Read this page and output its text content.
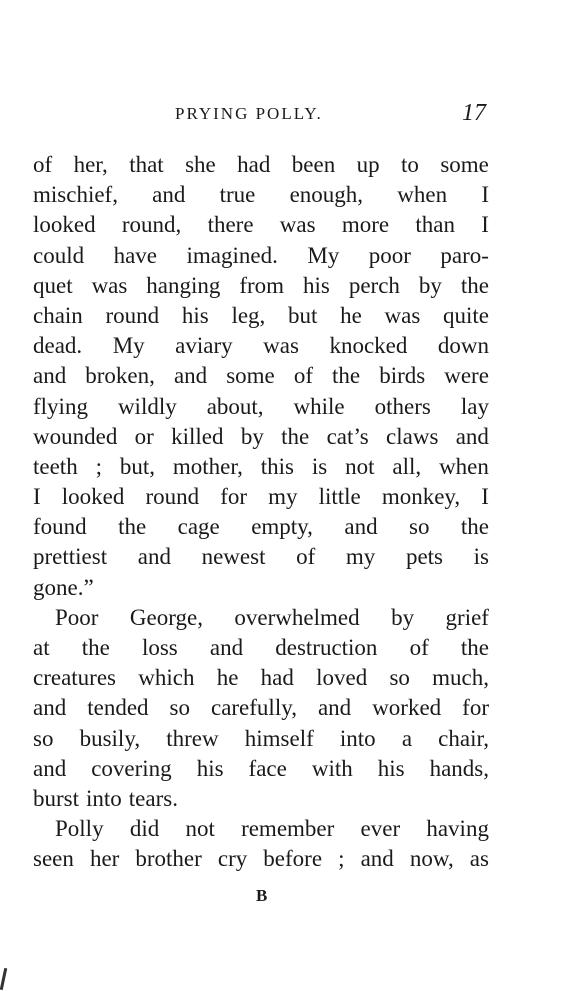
PRYING POLLY.	17
of her, that she had been up to some
mischief, and true enough, when I
looked round, there was more than I
could have imagined. My poor paro-
quet was hanging from his perch by the
chain round his leg, but he was quite
dead. My aviary was knocked down
and broken, and some of the birds were
flying wildly about, while others lay
wounded or killed by the cat’s claws and
teeth ; but, mother, this is not all, when
I looked round for my little monkey, I
found the cage empty, and so the
prettiest and newest of my pets is
gone.”
Poor George, overwhelmed by grief
at the loss and destruction of the
creatures which he had loved so much,
and tended so carefully, and worked for
so busily, threw himself into a chair,
and covering his face with his hands,
burst into tears.
Polly did not remember ever having
seen her brother cry before ; and now, as
B
